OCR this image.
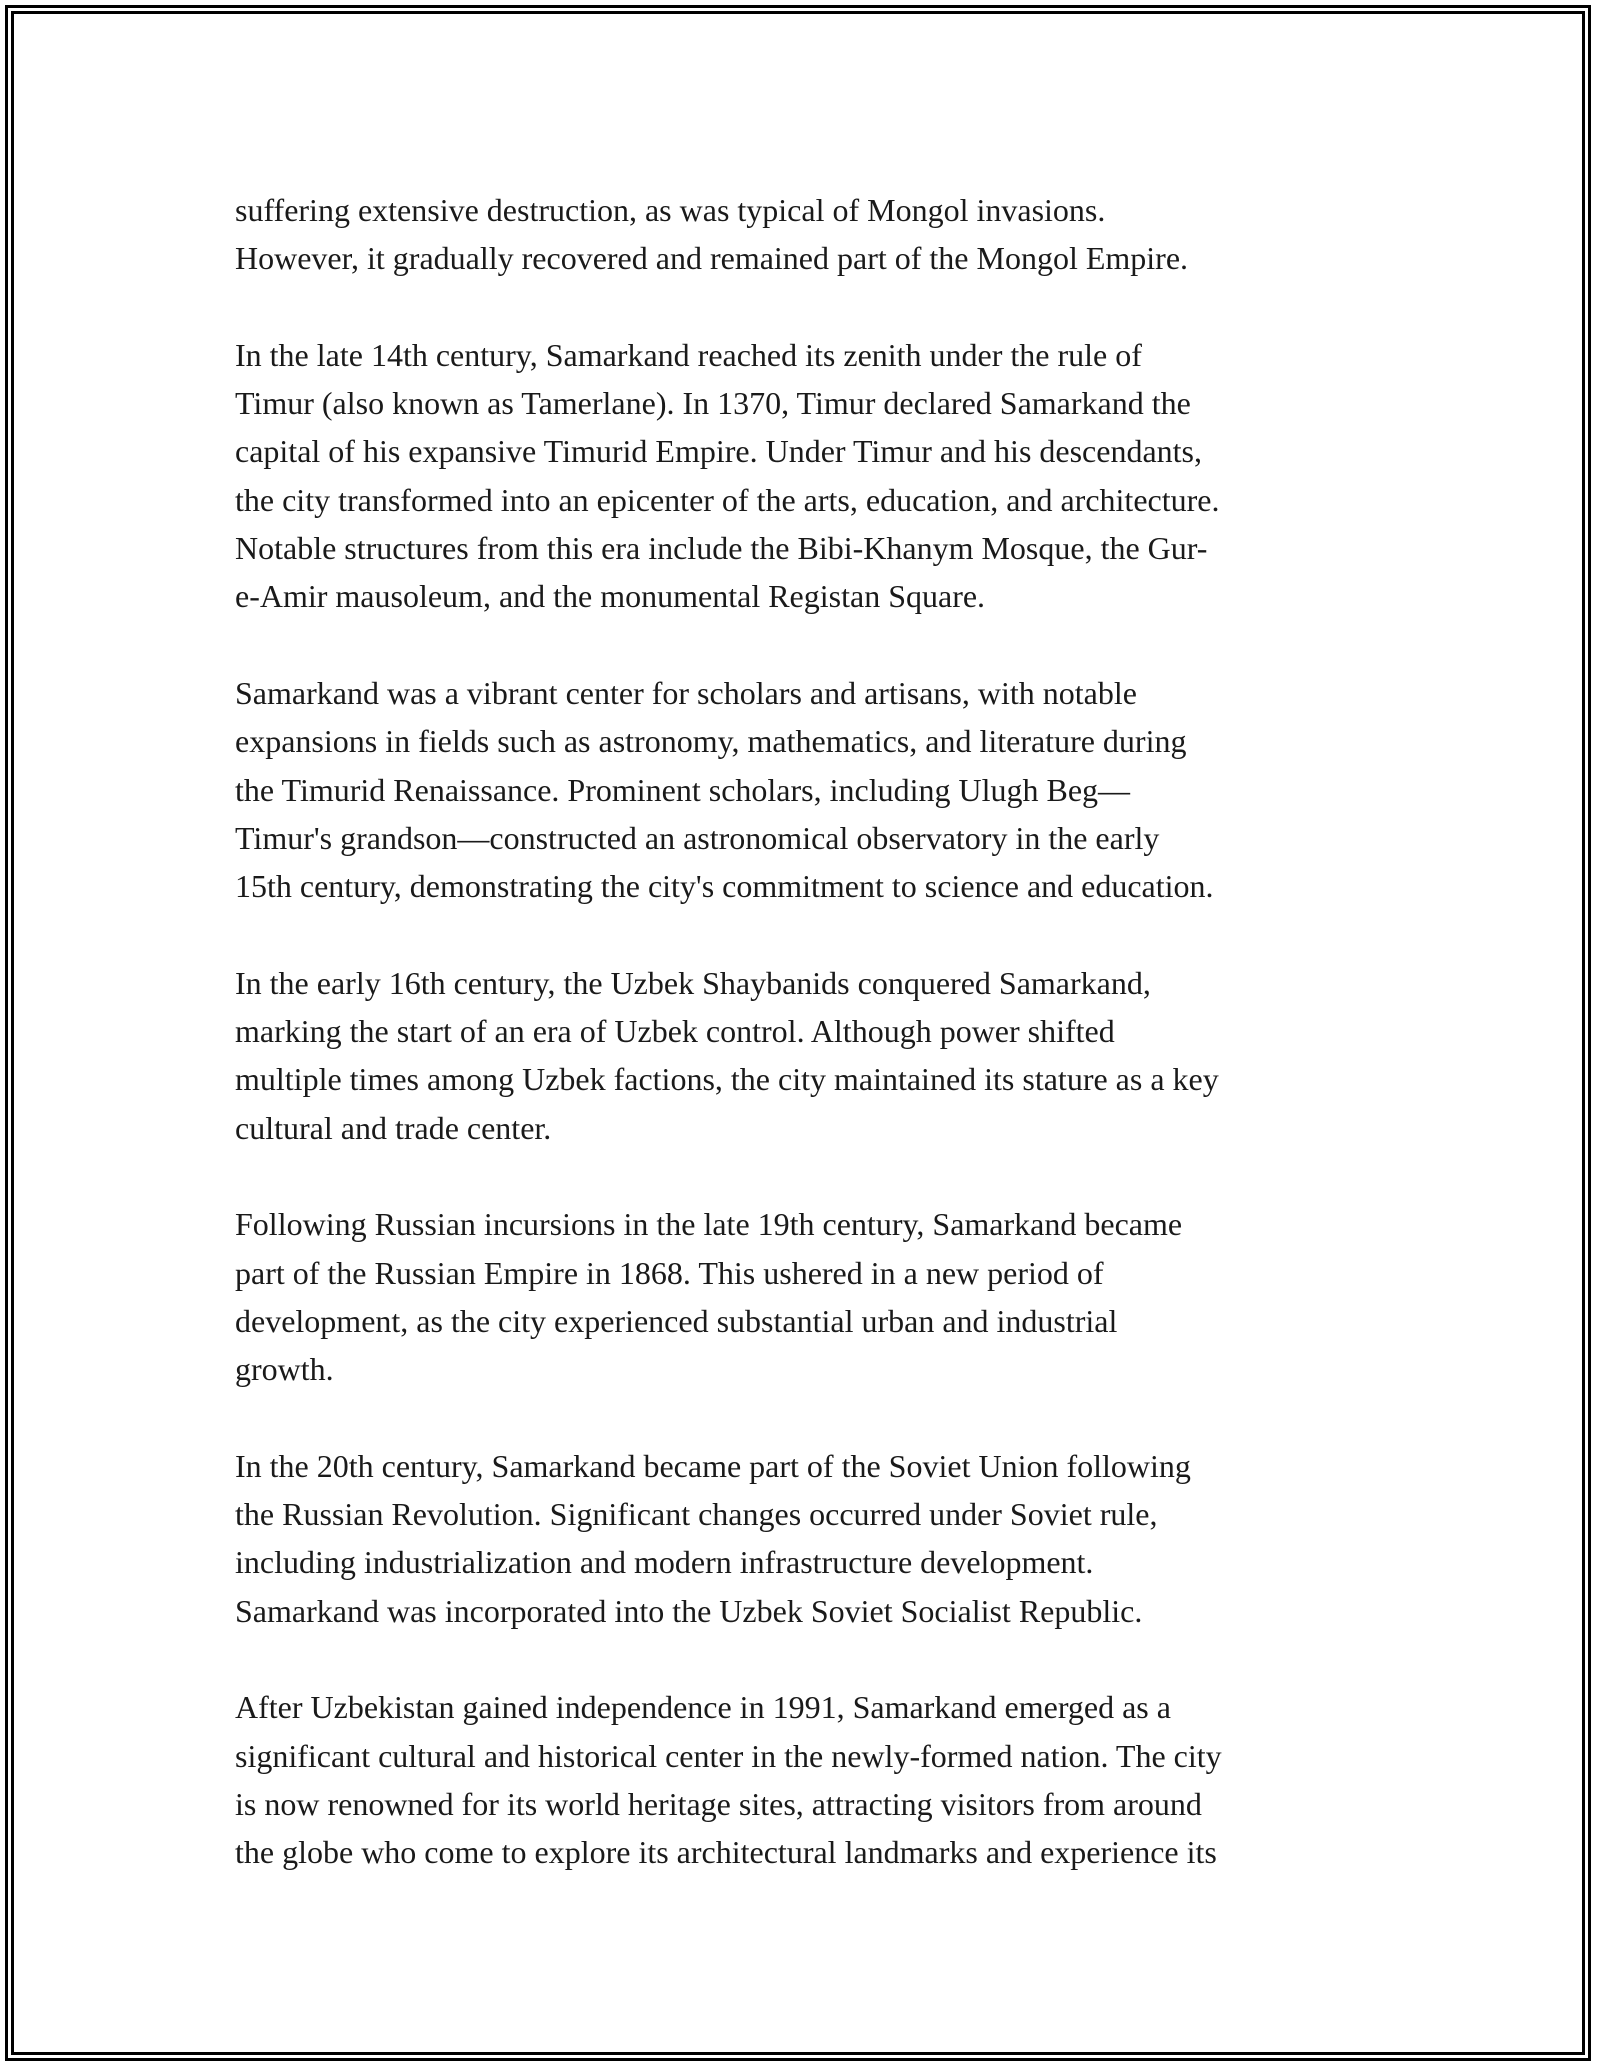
suffering extensive destruction, as was typical of Mongol invasions.
However, it gradually recovered and remained part of the Mongol Empire.

In the late 14th century, Samarkand reached its zenith under the rule of
Timur (also known as Tamerlane). In 1370, Timur declared Samarkand the
capital of his expansive Timurid Empire. Under Timur and his descendants,
the city transformed into an epicenter of the arts, education, and architecture.
Notable structures from this era include the Bibi-Khanym Mosque, the Gur-
e-Amir mausoleum, and the monumental Registan Square.

Samarkand was a vibrant center for scholars and artisans, with notable
expansions in fields such as astronomy, mathematics, and literature during
the Timurid Renaissance. Prominent scholars, including Ulugh Beg—
Timur's grandson—constructed an astronomical observatory in the early
15th century, demonstrating the city's commitment to science and education.

In the early 16th century, the Uzbek Shaybanids conquered Samarkand,
marking the start of an era of Uzbek control. Although power shifted
multiple times among Uzbek factions, the city maintained its stature as a key
cultural and trade center.

Following Russian incursions in the late 19th century, Samarkand became
part of the Russian Empire in 1868. This ushered in a new period of
development, as the city experienced substantial urban and industrial
growth.

In the 20th century, Samarkand became part of the Soviet Union following
the Russian Revolution. Significant changes occurred under Soviet rule,
including industrialization and modern infrastructure development.
Samarkand was incorporated into the Uzbek Soviet Socialist Republic.

After Uzbekistan gained independence in 1991, Samarkand emerged as a
significant cultural and historical center in the newly-formed nation. The city
is now renowned for its world heritage sites, attracting visitors from around
the globe who come to explore its architectural landmarks and experience its
